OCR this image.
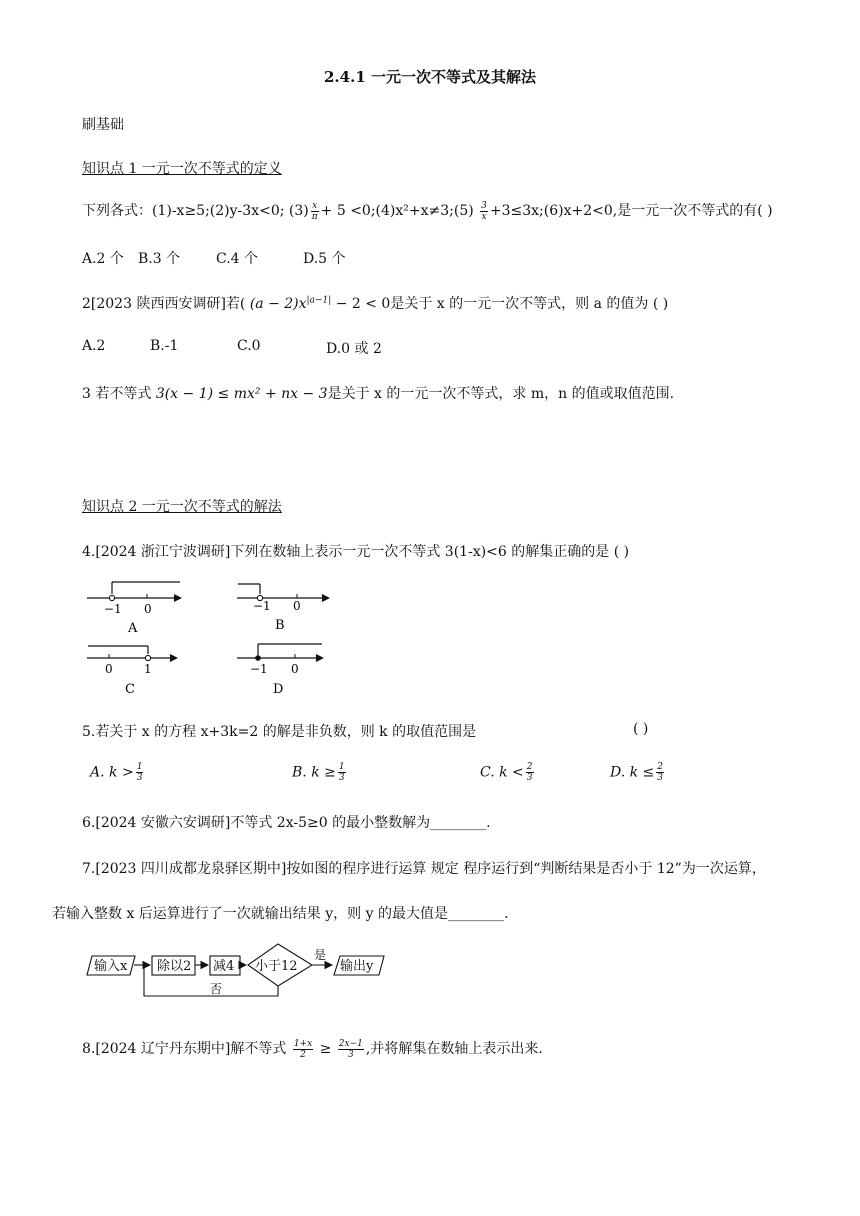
2.4.1 一元一次不等式及其解法
刷基础
知识点 1 一元一次不等式的定义
下列各式：(1)-x≥5;(2)y-3x<0; $(3) \frac{x}{\pi} + 5$ <0;(4)x²+x≠3;(5) $\frac{3}{x}$ +3≤3x;(6)x+2<0,是一元一次不等式的有( )
A.2 个 B.3 个	C.4 个	D.5 个
2[2023 陕西西安调研]若( $(a - 2)x^{|a-1|} - 2 < 0$是关于 x 的一元一次不等式，则 a 的值为 ( )
A.2	B.-1	C.0	D.0 或 2
3 若不等式 3(x − 1) ≤ mx² + nx − 3是关于 x 的一元一次不等式，求 m，n 的值或取值范围.
知识点 2 一元一次不等式的解法
4.[2024 浙江宁波调研]下列在数轴上表示一元一次不等式 3(1-x)<6 的解集正确的是 ( )
−1 0
A
−1 0
B
0	1
C
−1 0
D
5.若关于 x 的方程 x+3k=2 的解是非负数，则 k 的取值范围是	( )
A. $k > \frac{1}{3}$	B. $k \ge \frac{1}{3}$	C. $k < \frac{2}{3}$	D. $k \le \frac{2}{3}$
6.[2024 安徽六安调研]不等式 2x-5≥0 的最小整数解为________.
7.[2023 四川成都龙泉驿区期中]按如图的程序进行运算 规定 程序运行到“判断结果是否小于 12”为一次运算，
若输入整数 x 后运算进行了一次就输出结果 y，则 y 的最大值是________.
输入x 除以2 减4 小于12
是
输出y
否
8.[2024 辽宁丹东期中]解不等式 $\frac{1+x}{2} \ge \frac{2x-1}{3}$ ,并将解集在数轴上表示出来.
